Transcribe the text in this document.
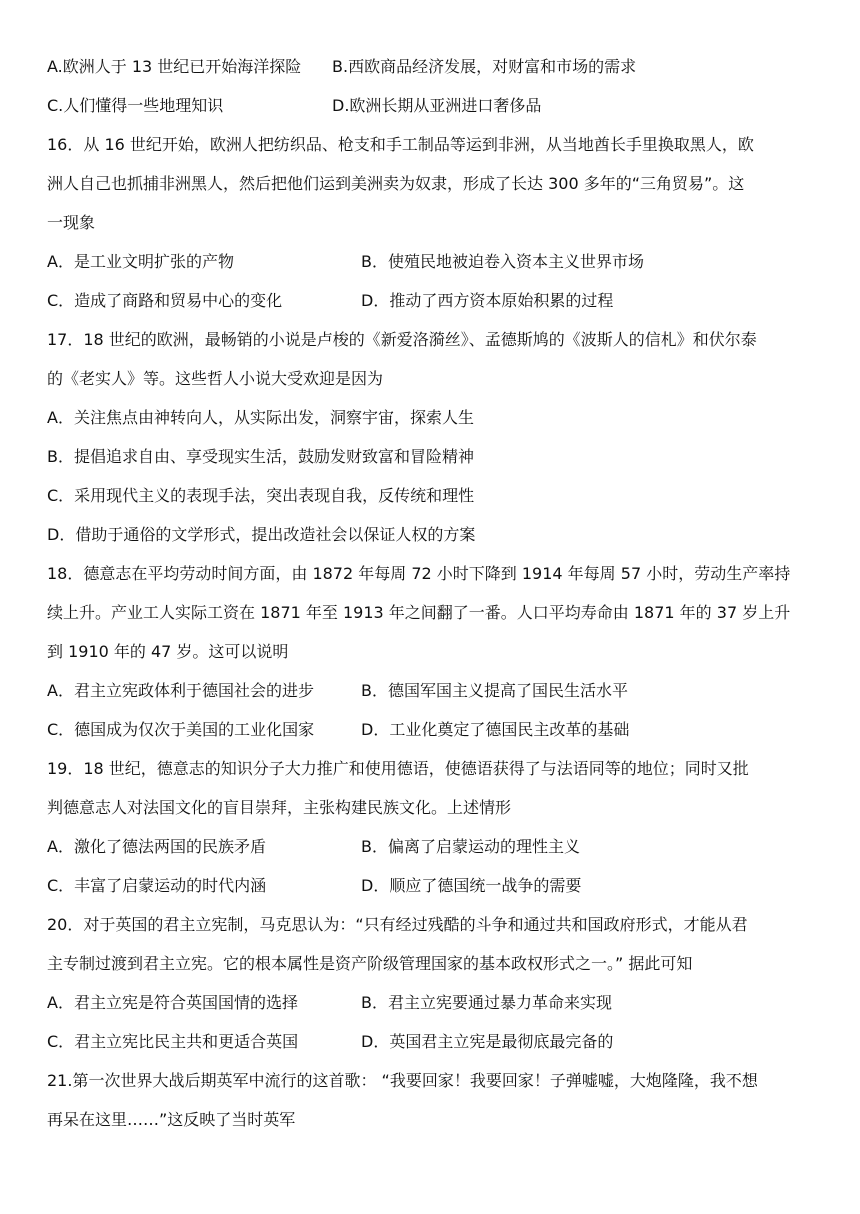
A.欧洲人于 13 世纪已开始海洋探险	B.西欧商品经济发展，对财富和市场的需求
C.人们懂得一些地理知识	D.欧洲长期从亚洲进口奢侈品
16．从 16 世纪开始，欧洲人把纺织品、枪支和手工制品等运到非洲，从当地酋长手里换取黑人，欧
洲人自己也抓捕非洲黑人，然后把他们运到美洲卖为奴隶，形成了长达 300 多年的“三角贸易”。这
一现象
A．是工业文明扩张的产物	B．使殖民地被迫卷入资本主义世界市场
C．造成了商路和贸易中心的变化	D．推动了西方资本原始积累的过程
17．18 世纪的欧洲，最畅销的小说是卢梭的《新爱洛漪丝》、孟德斯鸠的《波斯人的信札》和伏尔泰
的《老实人》等。这些哲人小说大受欢迎是因为
A．关注焦点由神转向人，从实际出发，洞察宇宙，探索人生
B．提倡追求自由、享受现实生活，鼓励发财致富和冒险精神
C．采用现代主义的表现手法，突出表现自我，反传统和理性
D．借助于通俗的文学形式，提出改造社会以保证人权的方案
18．德意志在平均劳动时间方面，由 1872 年每周 72 小时下降到 1914 年每周 57 小时，劳动生产率持
续上升。产业工人实际工资在 1871 年至 1913 年之间翻了一番。人口平均寿命由 1871 年的 37 岁上升
到 1910 年的 47 岁。这可以说明
A．君主立宪政体利于德国社会的进步	B．德国军国主义提高了国民生活水平
C．德国成为仅次于美国的工业化国家	D．工业化奠定了德国民主改革的基础
19．18 世纪，德意志的知识分子大力推广和使用德语，使德语获得了与法语同等的地位；同时又批
判德意志人对法国文化的盲目崇拜，主张构建民族文化。上述情形
A．激化了德法两国的民族矛盾	B．偏离了启蒙运动的理性主义
C．丰富了启蒙运动的时代内涵	D．顺应了德国统一战争的需要
20．对于英国的君主立宪制，马克思认为：“只有经过残酷的斗争和通过共和国政府形式，才能从君
主专制过渡到君主立宪。它的根本属性是资产阶级管理国家的基本政权形式之一。” 据此可知
A．君主立宪是符合英国国情的选择	B．君主立宪要通过暴力革命来实现
C．君主立宪比民主共和更适合英国	D．英国君主立宪是最彻底最完备的
21.第一次世界大战后期英军中流行的这首歌： “我要回家！我要回家！子弹嘘嘘，大炮隆隆，我不想
再呆在这里……”这反映了当时英军
